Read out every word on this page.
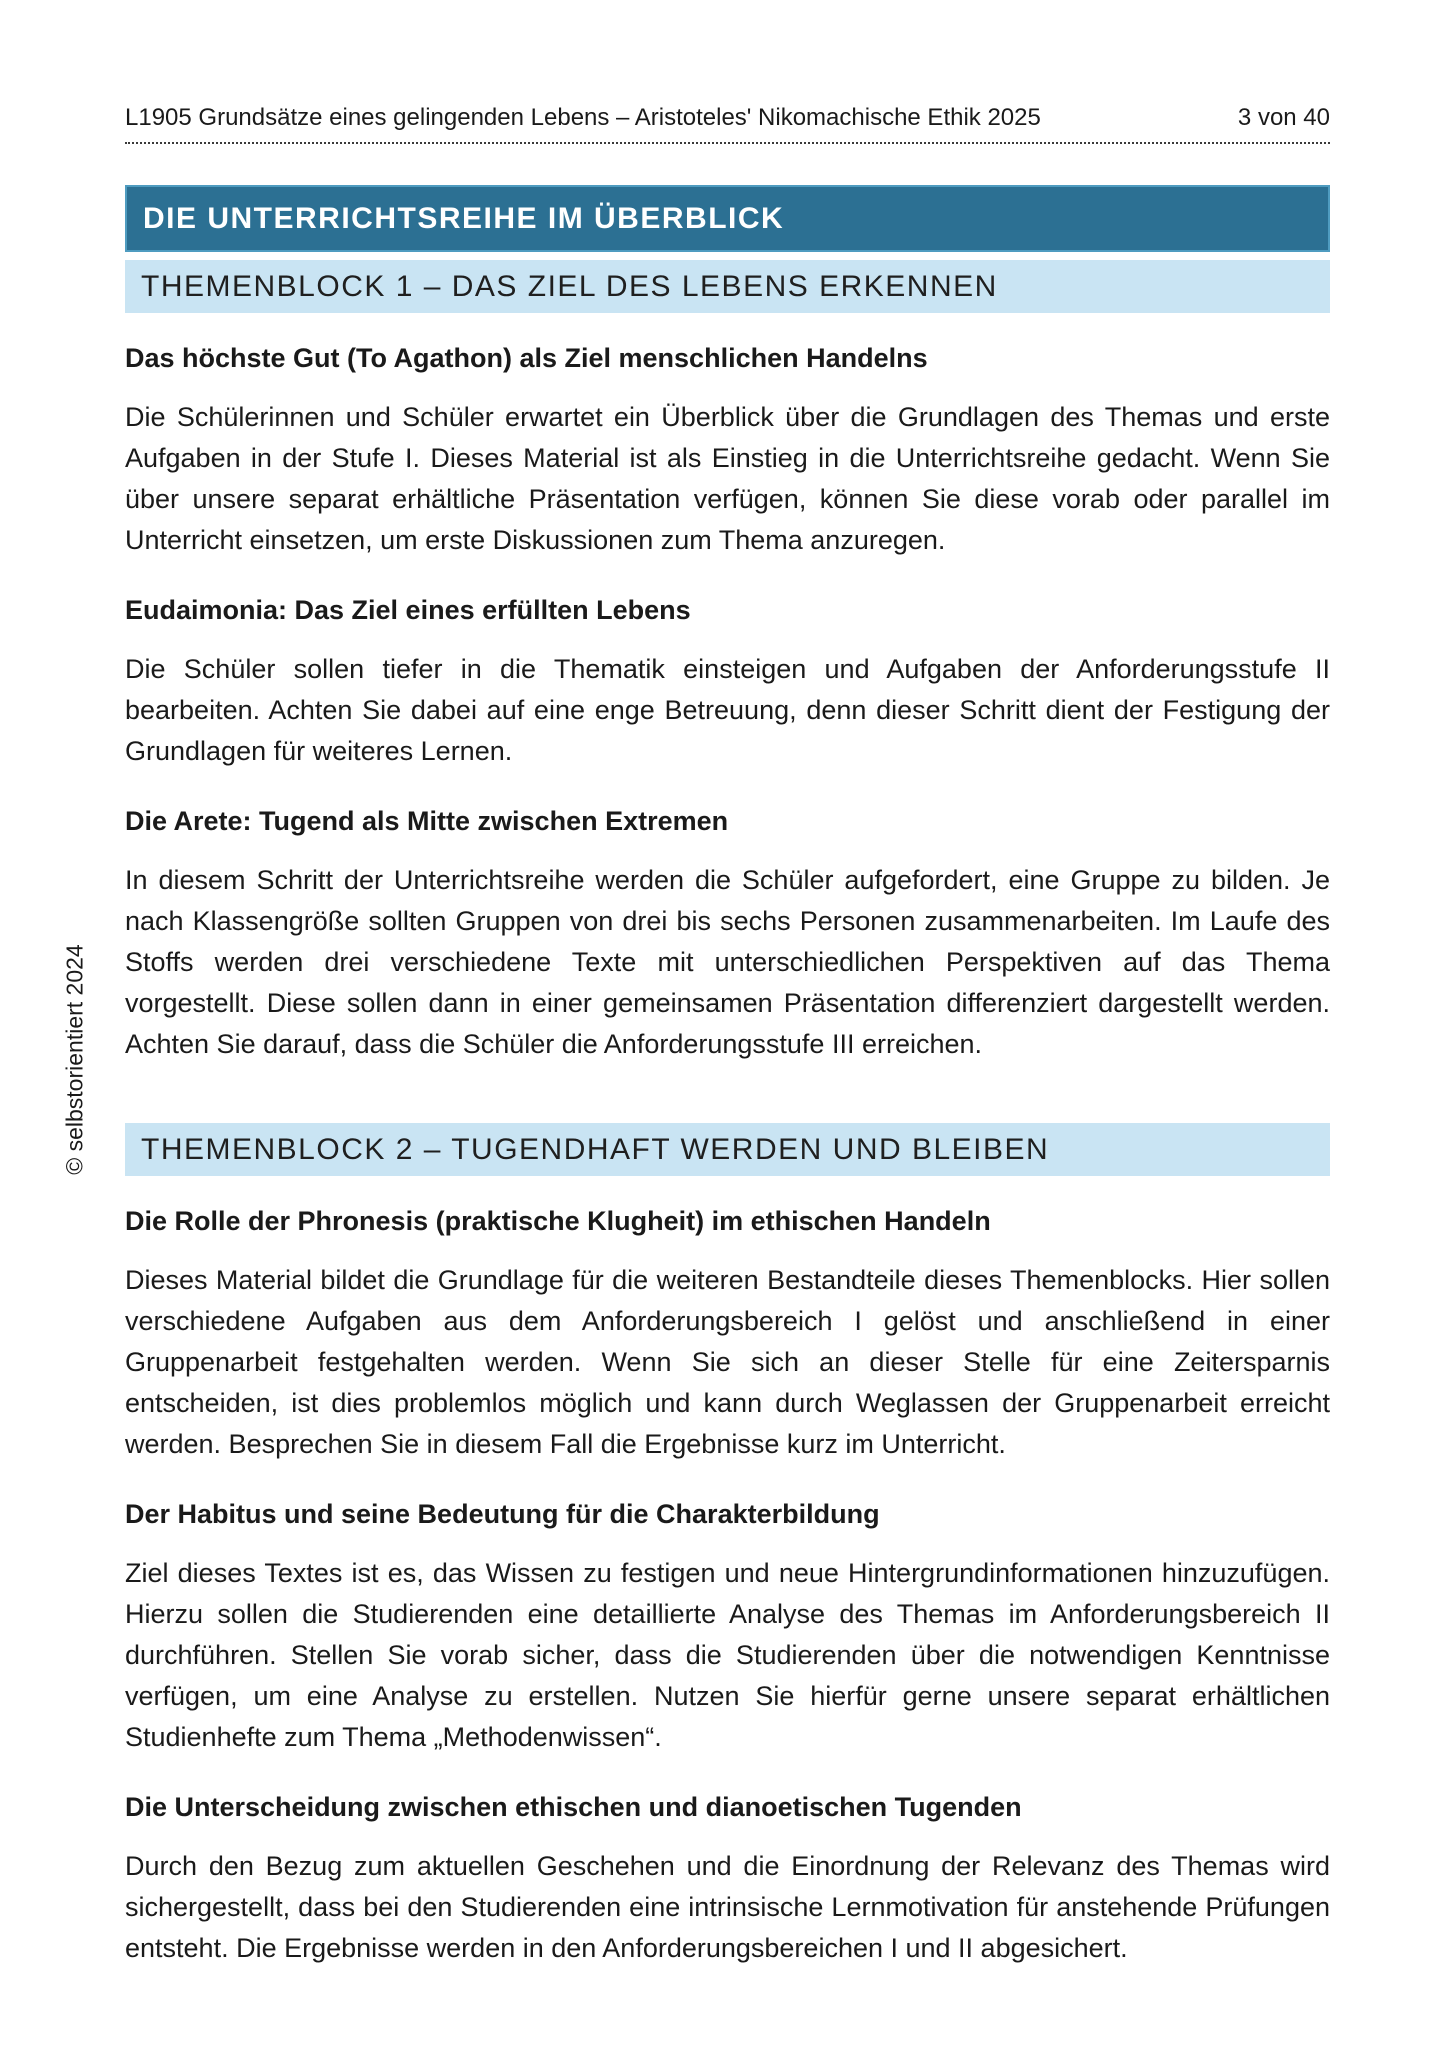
L1905 Grundsätze eines gelingenden Lebens – Aristoteles' Nikomachische Ethik 2025	3 von 40
© selbstorientiert 2024
DIE UNTERRICHTSREIHE IM ÜBERBLICK
THEMENBLOCK 1 – DAS ZIEL DES LEBENS ERKENNEN
Das höchste Gut (To Agathon) als Ziel menschlichen Handelns

Die Schülerinnen und Schüler erwartet ein Überblick über die Grundlagen des Themas und erste Aufgaben in der Stufe I. Dieses Material ist als Einstieg in die Unterrichtsreihe gedacht. Wenn Sie über unsere separat erhältliche Präsentation verfügen, können Sie diese vorab oder parallel im Unterricht einsetzen, um erste Diskussionen zum Thema anzuregen.

Eudaimonia: Das Ziel eines erfüllten Lebens

Die Schüler sollen tiefer in die Thematik einsteigen und Aufgaben der Anforderungsstufe II bearbeiten. Achten Sie dabei auf eine enge Betreuung, denn dieser Schritt dient der Festigung der Grundlagen für weiteres Lernen.

Die Arete: Tugend als Mitte zwischen Extremen

In diesem Schritt der Unterrichtsreihe werden die Schüler aufgefordert, eine Gruppe zu bilden. Je nach Klassengröße sollten Gruppen von drei bis sechs Personen zusammenarbeiten. Im Laufe des Stoffs werden drei verschiedene Texte mit unterschiedlichen Perspektiven auf das Thema vorgestellt. Diese sollen dann in einer gemeinsamen Präsentation differenziert dargestellt werden. Achten Sie darauf, dass die Schüler die Anforderungsstufe III erreichen.

THEMENBLOCK 2 – TUGENDHAFT WERDEN UND BLEIBEN
Die Rolle der Phronesis (praktische Klugheit) im ethischen Handeln

Dieses Material bildet die Grundlage für die weiteren Bestandteile dieses Themenblocks. Hier sollen verschiedene Aufgaben aus dem Anforderungsbereich I gelöst und anschließend in einer Gruppenarbeit festgehalten werden. Wenn Sie sich an dieser Stelle für eine Zeitersparnis entscheiden, ist dies problemlos möglich und kann durch Weglassen der Gruppenarbeit erreicht werden. Besprechen Sie in diesem Fall die Ergebnisse kurz im Unterricht.

Der Habitus und seine Bedeutung für die Charakterbildung

Ziel dieses Textes ist es, das Wissen zu festigen und neue Hintergrundinformationen hinzuzufügen. Hierzu sollen die Studierenden eine detaillierte Analyse des Themas im Anforderungsbereich II durchführen. Stellen Sie vorab sicher, dass die Studierenden über die notwendigen Kenntnisse verfügen, um eine Analyse zu erstellen. Nutzen Sie hierfür gerne unsere separat erhältlichen Studienhefte zum Thema „Methodenwissen“.

Die Unterscheidung zwischen ethischen und dianoetischen Tugenden

Durch den Bezug zum aktuellen Geschehen und die Einordnung der Relevanz des Themas wird sichergestellt, dass bei den Studierenden eine intrinsische Lernmotivation für anstehende Prüfungen entsteht. Die Ergebnisse werden in den Anforderungsbereichen I und II abgesichert.
